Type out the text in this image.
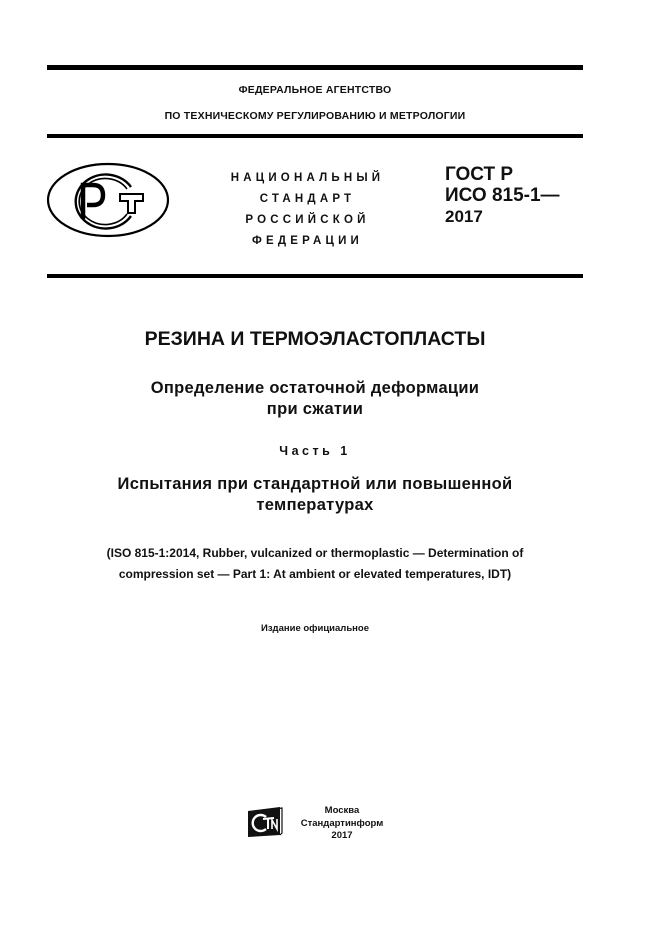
ФЕДЕРАЛЬНОЕ АГЕНТСТВО
ПО ТЕХНИЧЕСКОМУ РЕГУЛИРОВАНИЮ И МЕТРОЛОГИИ
НАЦИОНАЛЬНЫЙ
СТАНДАРТ
РОССИЙСКОЙ
ФЕДЕРАЦИИ
ГОСТ Р
ИСО 815-1—
2017
РЕЗИНА И ТЕРМОЭЛАСТОПЛАСТЫ
Определение остаточной деформации
при сжатии
Часть 1
Испытания при стандартной или повышенной
температурах
(ISO 815-1:2014, Rubber, vulcanized or thermoplastic — Determination of
compression set — Part 1: At ambient or elevated temperatures, IDT)
Издание официальное
Москва
Стандартинформ
2017
